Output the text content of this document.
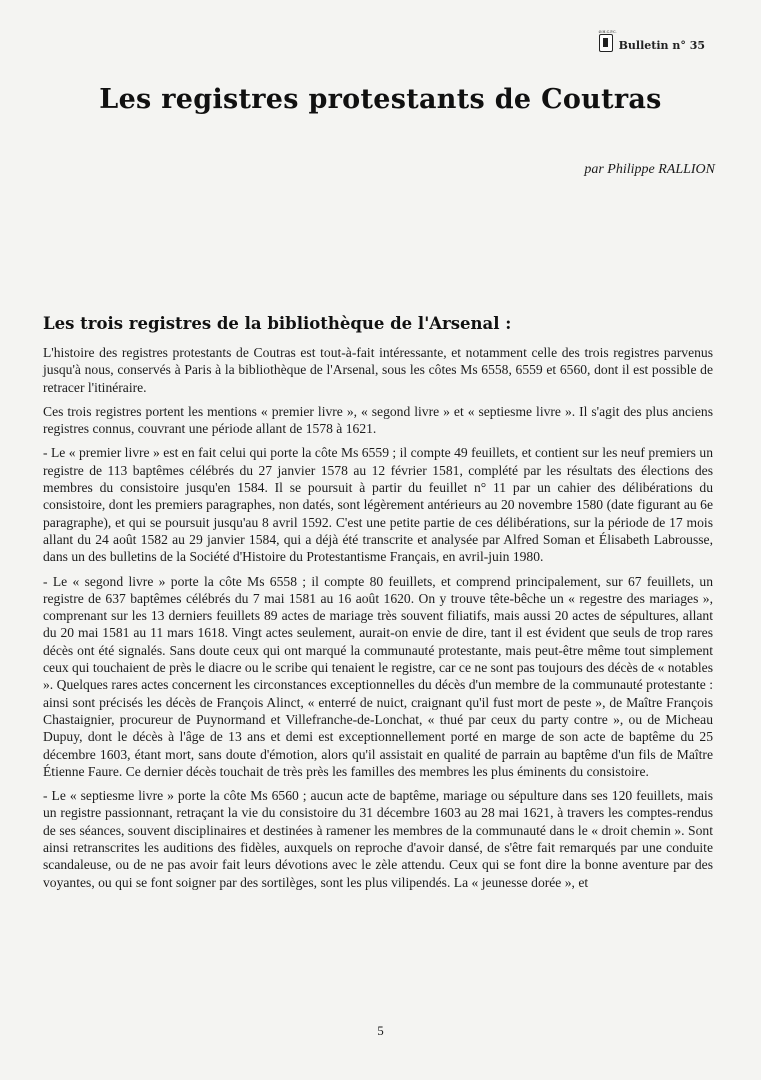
Ø.H.C.P.C.
Bulletin n° 35
Les registres protestants de Coutras
par Philippe RALLION
Les trois registres de la bibliothèque de l'Arsenal :

L'histoire des registres protestants de Coutras est tout-à-fait intéressante, et notamment celle des trois registres parvenus jusqu'à nous, conservés à Paris à la bibliothèque de l'Arsenal, sous les côtes Ms 6558, 6559 et 6560, dont il est possible de retracer l'itinéraire.

Ces trois registres portent les mentions « premier livre », « segond livre » et « septiesme livre ». Il s'agit des plus anciens registres connus, couvrant une période allant de 1578 à 1621.

- Le « premier livre » est en fait celui qui porte la côte Ms 6559 ; il compte 49 feuillets, et contient sur les neuf premiers un registre de 113 baptêmes célébrés du 27 janvier 1578 au 12 février 1581, complété par les résultats des élections des membres du consistoire jusqu'en 1584. Il se poursuit à partir du feuillet n° 11 par un cahier des délibérations du consistoire, dont les premiers paragraphes, non datés, sont légèrement antérieurs au 20 novembre 1580 (date figurant au 6e paragraphe), et qui se poursuit jusqu'au 8 avril 1592. C'est une petite partie de ces délibérations, sur la période de 17 mois allant du 24 août 1582 au 29 janvier 1584, qui a déjà été transcrite et analysée par Alfred Soman et Élisabeth Labrousse, dans un des bulletins de la Société d'Histoire du Protestantisme Français, en avril-juin 1980.

- Le « segond livre » porte la côte Ms 6558 ; il compte 80 feuillets, et comprend principalement, sur 67 feuillets, un registre de 637 baptêmes célébrés du 7 mai 1581 au 16 août 1620. On y trouve tête-bêche un « regestre des mariages », comprenant sur les 13 derniers feuillets 89 actes de mariage très souvent filiatifs, mais aussi 20 actes de sépultures, allant du 20 mai 1581 au 11 mars 1618. Vingt actes seulement, aurait-on envie de dire, tant il est évident que seuls de trop rares décès ont été signalés. Sans doute ceux qui ont marqué la communauté protestante, mais peut-être même tout simplement ceux qui touchaient de près le diacre ou le scribe qui tenaient le registre, car ce ne sont pas toujours des décès de « notables ». Quelques rares actes concernent les circonstances exceptionnelles du décès d'un membre de la communauté protestante : ainsi sont précisés les décès de François Alinct, « enterré de nuict, craignant qu'il fust mort de peste », de Maître François Chastaignier, procureur de Puynormand et Villefranche-de-Lonchat, « thué par ceux du party contre », ou de Micheau Dupuy, dont le décès à l'âge de 13 ans et demi est exceptionnellement porté en marge de son acte de baptême du 25 décembre 1603, étant mort, sans doute d'émotion, alors qu'il assistait en qualité de parrain au baptême d'un fils de Maître Étienne Faure. Ce dernier décès touchait de très près les familles des membres les plus éminents du consistoire.

- Le « septiesme livre » porte la côte Ms 6560 ; aucun acte de baptême, mariage ou sépulture dans ses 120 feuillets, mais un registre passionnant, retraçant la vie du consistoire du 31 décembre 1603 au 28 mai 1621, à travers les comptes-rendus de ses séances, souvent disciplinaires et destinées à ramener les membres de la communauté dans le « droit chemin ». Sont ainsi retranscrites les auditions des fidèles, auxquels on reproche d'avoir dansé, de s'être fait remarqués par une conduite scandaleuse, ou de ne pas avoir fait leurs dévotions avec le zèle attendu. Ceux qui se font dire la bonne aventure par des voyantes, ou qui se font soigner par des sortilèges, sont les plus vilipendés. La « jeunesse dorée », et

5
